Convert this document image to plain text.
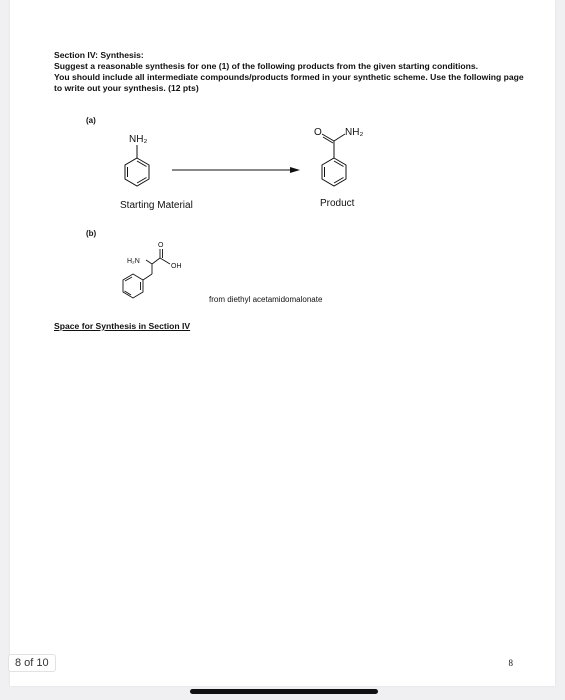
Section IV: Synthesis:

Suggest a reasonable synthesis for one (1) of the following products from the given starting conditions.

You should include all intermediate compounds/products formed in your synthetic scheme. Use the following page to write out your synthesis. (12 pts)

(a)
NH₂
O NH₂
Starting Material	Product
(b)
H₂N
O
OH
from diethyl acetamidomalonate
Space for Synthesis in Section IV
8
8 of 10
